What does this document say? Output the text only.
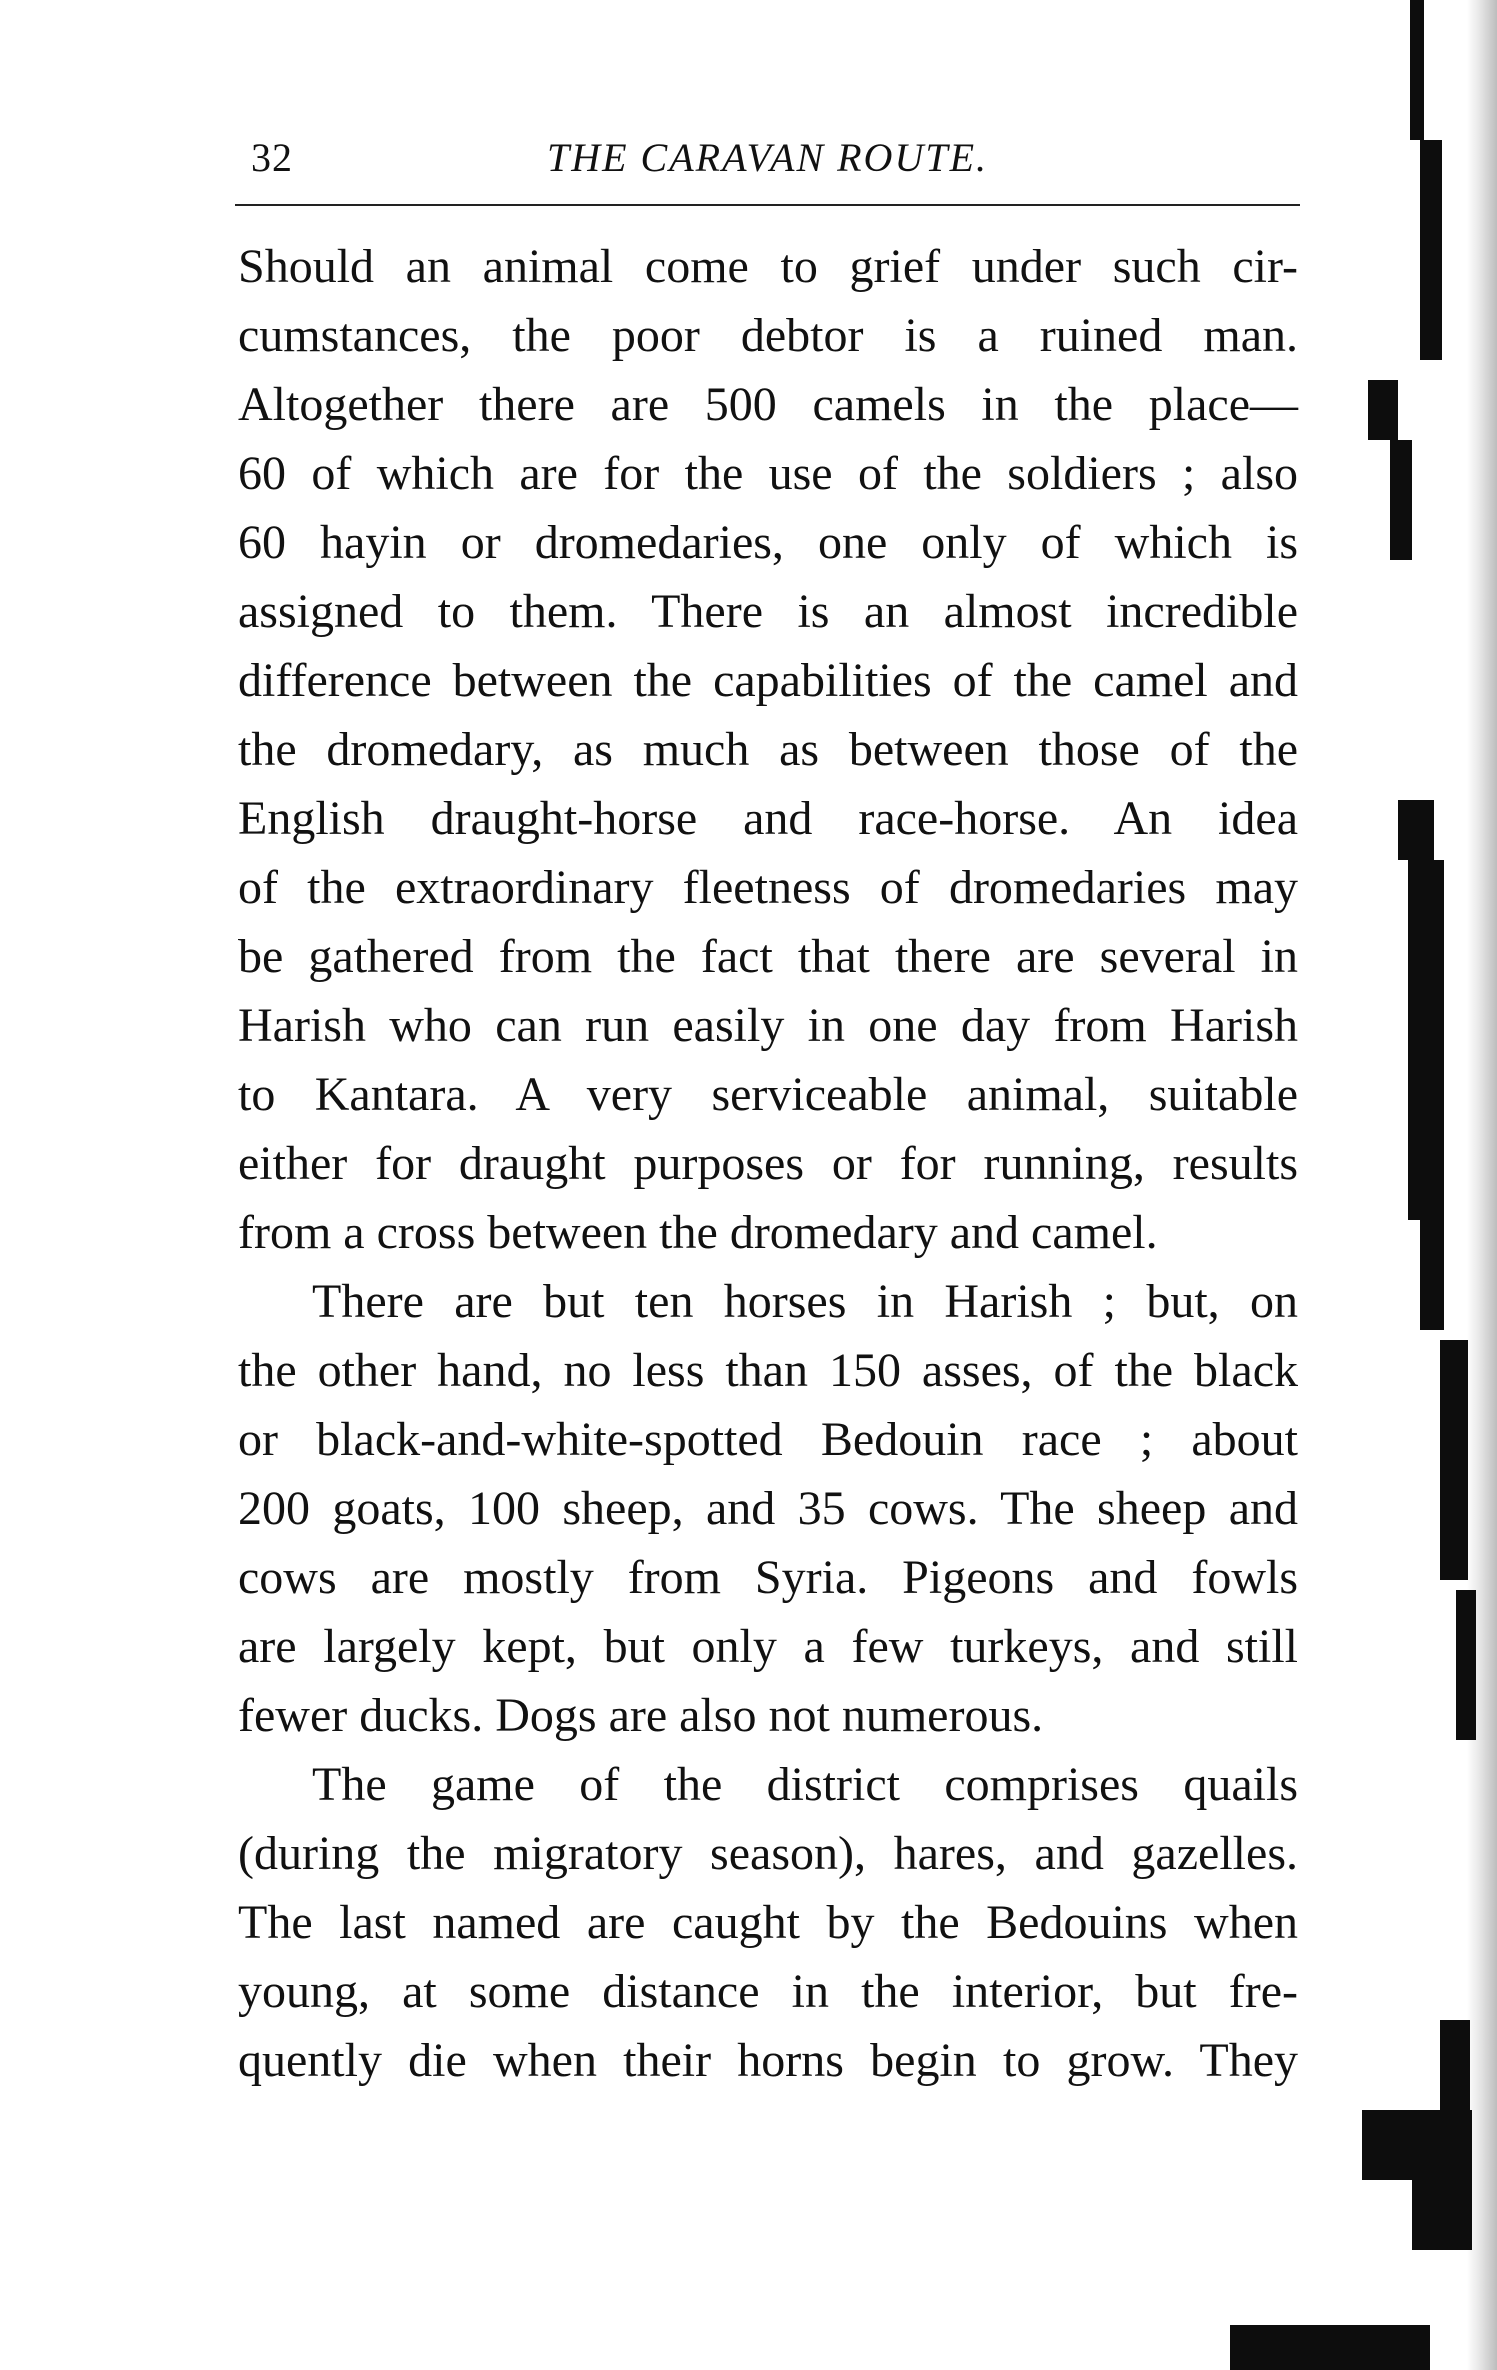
32	THE CARAVAN ROUTE.
Should an animal come to grief under such cir-
cumstances, the poor debtor is a ruined man.
Altogether there are 500 camels in the place—
60 of which are for the use of the soldiers ; also
60 hayin or dromedaries, one only of which is
assigned to them. There is an almost incredible
difference between the capabilities of the camel and
the dromedary, as much as between those of the
English draught-horse and race-horse. An idea
of the extraordinary fleetness of dromedaries may
be gathered from the fact that there are several in
Harish who can run easily in one day from Harish
to Kantara. A very serviceable animal, suitable
either for draught purposes or for running, results
from a cross between the dromedary and camel.
There are but ten horses in Harish ; but, on
the other hand, no less than 150 asses, of the black
or black-and-white-spotted Bedouin race ; about
200 goats, 100 sheep, and 35 cows. The sheep and
cows are mostly from Syria. Pigeons and fowls
are largely kept, but only a few turkeys, and still
fewer ducks. Dogs are also not numerous.
The game of the district comprises quails
(during the migratory season), hares, and gazelles.
The last named are caught by the Bedouins when
young, at some distance in the interior, but fre-
quently die when their horns begin to grow. They
